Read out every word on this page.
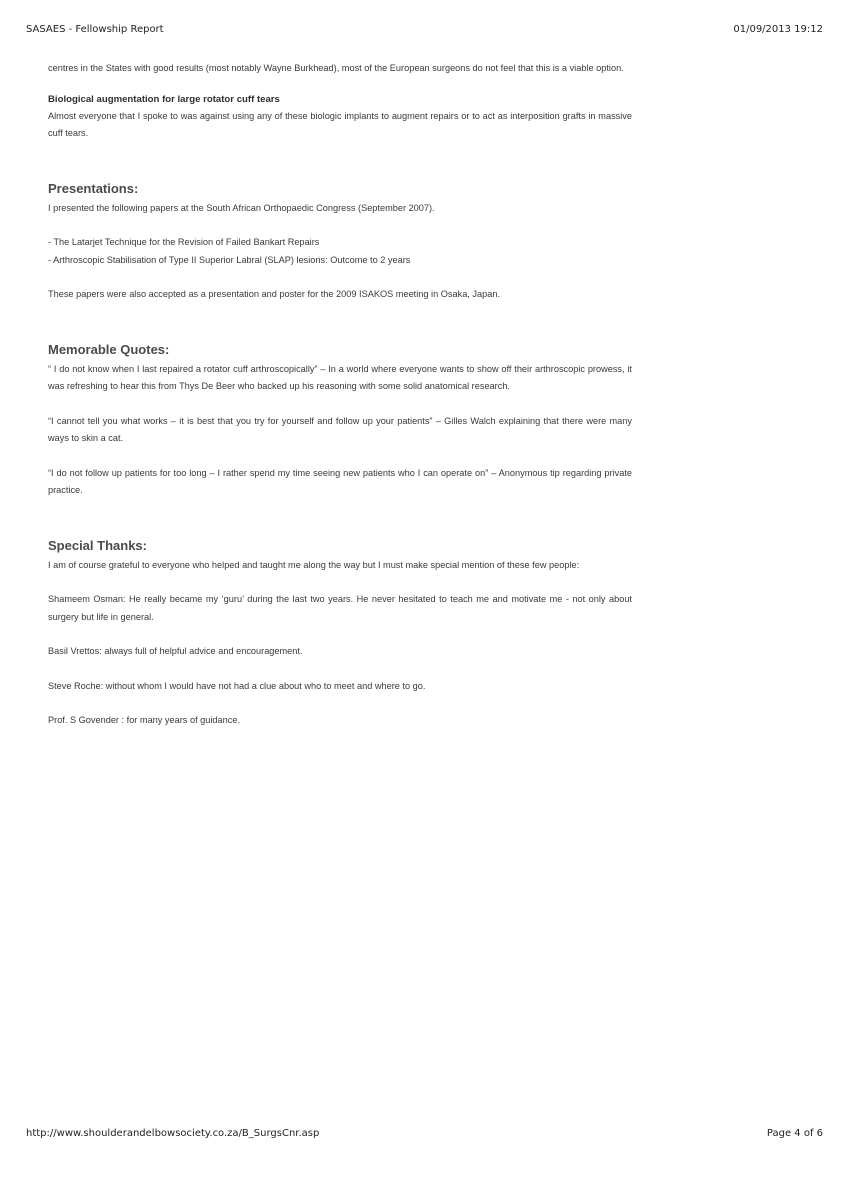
SASAES - Fellowship Report	01/09/2013 19:12

centres in the States with good results (most notably Wayne Burkhead), most of the European surgeons do not feel that this is a viable option.

Biological augmentation for large rotator cuff tears

Almost everyone that I spoke to was against using any of these biologic implants to augment repairs or to act as interposition grafts in massive cuff tears.

Presentations:

I presented the following papers at the South African Orthopaedic Congress (September 2007).

- The Latarjet Technique for the Revision of Failed Bankart Repairs

- Arthroscopic Stabilisation of Type II Superior Labral (SLAP) lesions: Outcome to 2 years

These papers were also accepted as a presentation and poster for the 2009 ISAKOS meeting in Osaka, Japan.

Memorable Quotes:

“ I do not know when I last repaired a rotator cuff arthroscopically” – In a world where everyone wants to show off their arthroscopic prowess, it was refreshing to hear this from Thys De Beer who backed up his reasoning with some solid anatomical research.

“I cannot tell you what works – it is best that you try for yourself and follow up your patients” – Gilles Walch explaining that there were many ways to skin a cat.

“I do not follow up patients for too long – I rather spend my time seeing new patients who I can operate on” – Anonymous tip regarding private practice.

Special Thanks:

I am of course grateful to everyone who helped and taught me along the way but I must make special mention of these few people:

Shameem Osman: He really became my ‘guru’ during the last two years. He never hesitated to teach me and motivate me - not only about surgery but life in general.

Basil Vrettos: always full of helpful advice and encouragement.

Steve Roche: without whom I would have not had a clue about who to meet and where to go.

Prof. S Govender : for many years of guidance.

http://www.shoulderandelbowsociety.co.za/B_SurgsCnr.asp	Page 4 of 6
